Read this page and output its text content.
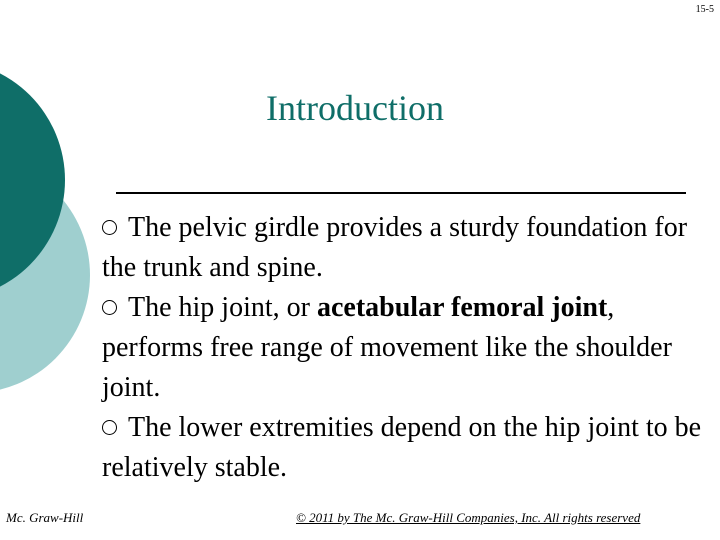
15-5
Introduction

The pelvic girdle provides a sturdy foundation for the trunk and spine.

The hip joint, or acetabular femoral joint, performs free range of movement like the shoulder joint.

The lower extremities depend on the hip joint to be relatively stable.

Mc. Graw-Hill	© 2011 by The Mc. Graw-Hill Companies, Inc. All rights reserved
